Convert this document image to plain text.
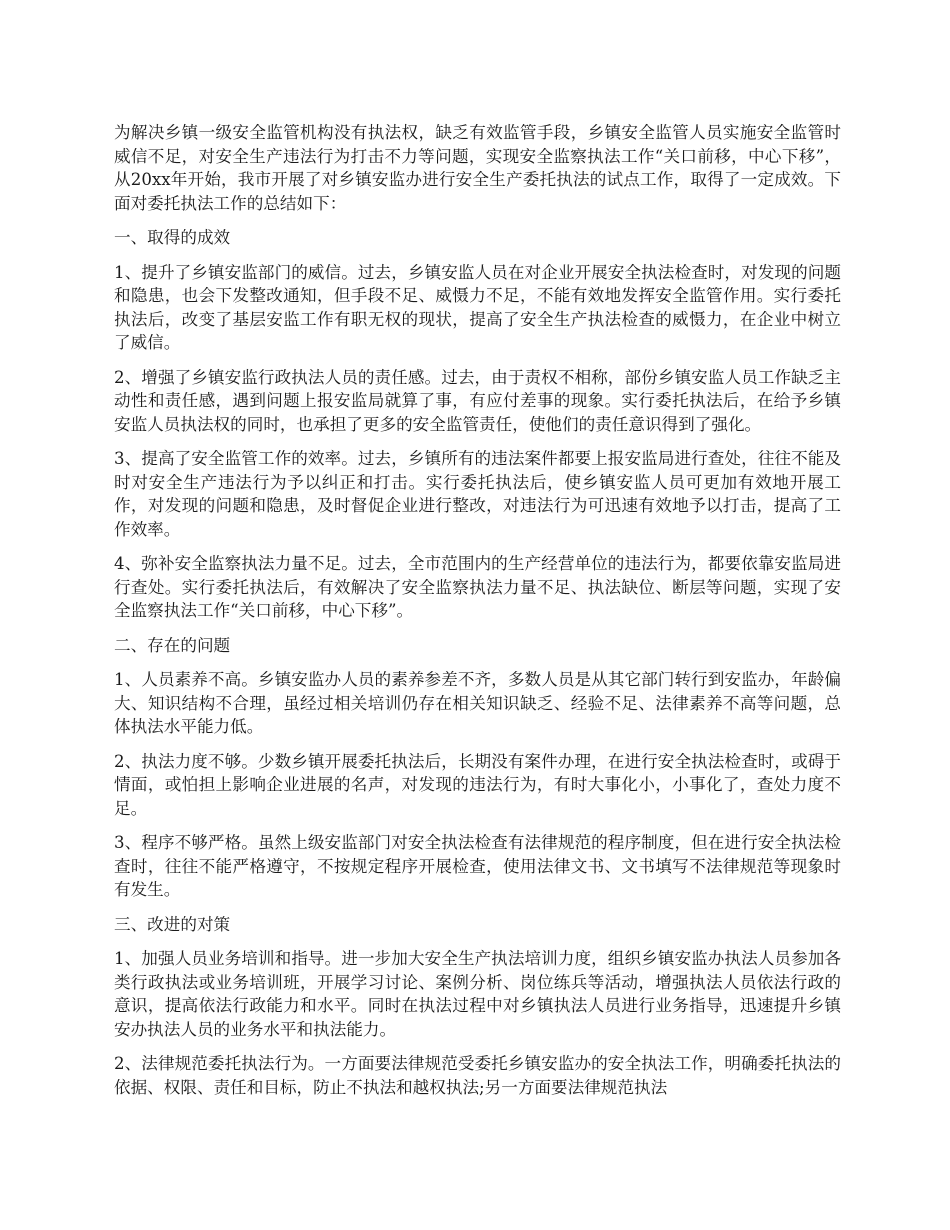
为解决乡镇一级安全监管机构没有执法权，缺乏有效监管手段，乡镇安全监管人员实施安全监管时威信不足，对安全生产违法行为打击不力等问题，实现安全监察执法工作“关口前移，中心下移”，从20xx年开始，我市开展了对乡镇安监办进行安全生产委托执法的试点工作，取得了一定成效。下面对委托执法工作的总结如下：

一、取得的成效

1、提升了乡镇安监部门的威信。过去，乡镇安监人员在对企业开展安全执法检查时，对发现的问题和隐患，也会下发整改通知，但手段不足、威慑力不足，不能有效地发挥安全监管作用。实行委托执法后，改变了基层安监工作有职无权的现状，提高了安全生产执法检查的威慑力，在企业中树立了威信。

2、增强了乡镇安监行政执法人员的责任感。过去，由于责权不相称，部份乡镇安监人员工作缺乏主动性和责任感，遇到问题上报安监局就算了事，有应付差事的现象。实行委托执法后，在给予乡镇安监人员执法权的同时，也承担了更多的安全监管责任，使他们的责任意识得到了强化。

3、提高了安全监管工作的效率。过去，乡镇所有的违法案件都要上报安监局进行查处，往往不能及时对安全生产违法行为予以纠正和打击。实行委托执法后，使乡镇安监人员可更加有效地开展工作，对发现的问题和隐患，及时督促企业进行整改，对违法行为可迅速有效地予以打击，提高了工作效率。

4、弥补安全监察执法力量不足。过去，全市范围内的生产经营单位的违法行为，都要依靠安监局进行查处。实行委托执法后，有效解决了安全监察执法力量不足、执法缺位、断层等问题，实现了安全监察执法工作“关口前移，中心下移”。

二、存在的问题

1、人员素养不高。乡镇安监办人员的素养参差不齐，多数人员是从其它部门转行到安监办，年龄偏大、知识结构不合理，虽经过相关培训仍存在相关知识缺乏、经验不足、法律素养不高等问题，总体执法水平能力低。

2、执法力度不够。少数乡镇开展委托执法后，长期没有案件办理，在进行安全执法检查时，或碍于情面，或怕担上影响企业进展的名声，对发现的违法行为，有时大事化小，小事化了，查处力度不足。

3、程序不够严格。虽然上级安监部门对安全执法检查有法律规范的程序制度，但在进行安全执法检查时，往往不能严格遵守，不按规定程序开展检查，使用法律文书、文书填写不法律规范等现象时有发生。

三、改进的对策

1、加强人员业务培训和指导。进一步加大安全生产执法培训力度，组织乡镇安监办执法人员参加各类行政执法或业务培训班，开展学习讨论、案例分析、岗位练兵等活动，增强执法人员依法行政的意识，提高依法行政能力和水平。同时在执法过程中对乡镇执法人员进行业务指导，迅速提升乡镇安办执法人员的业务水平和执法能力。

2、法律规范委托执法行为。一方面要法律规范受委托乡镇安监办的安全执法工作，明确委托执法的依据、权限、责任和目标，防止不执法和越权执法;另一方面要法律规范执法
